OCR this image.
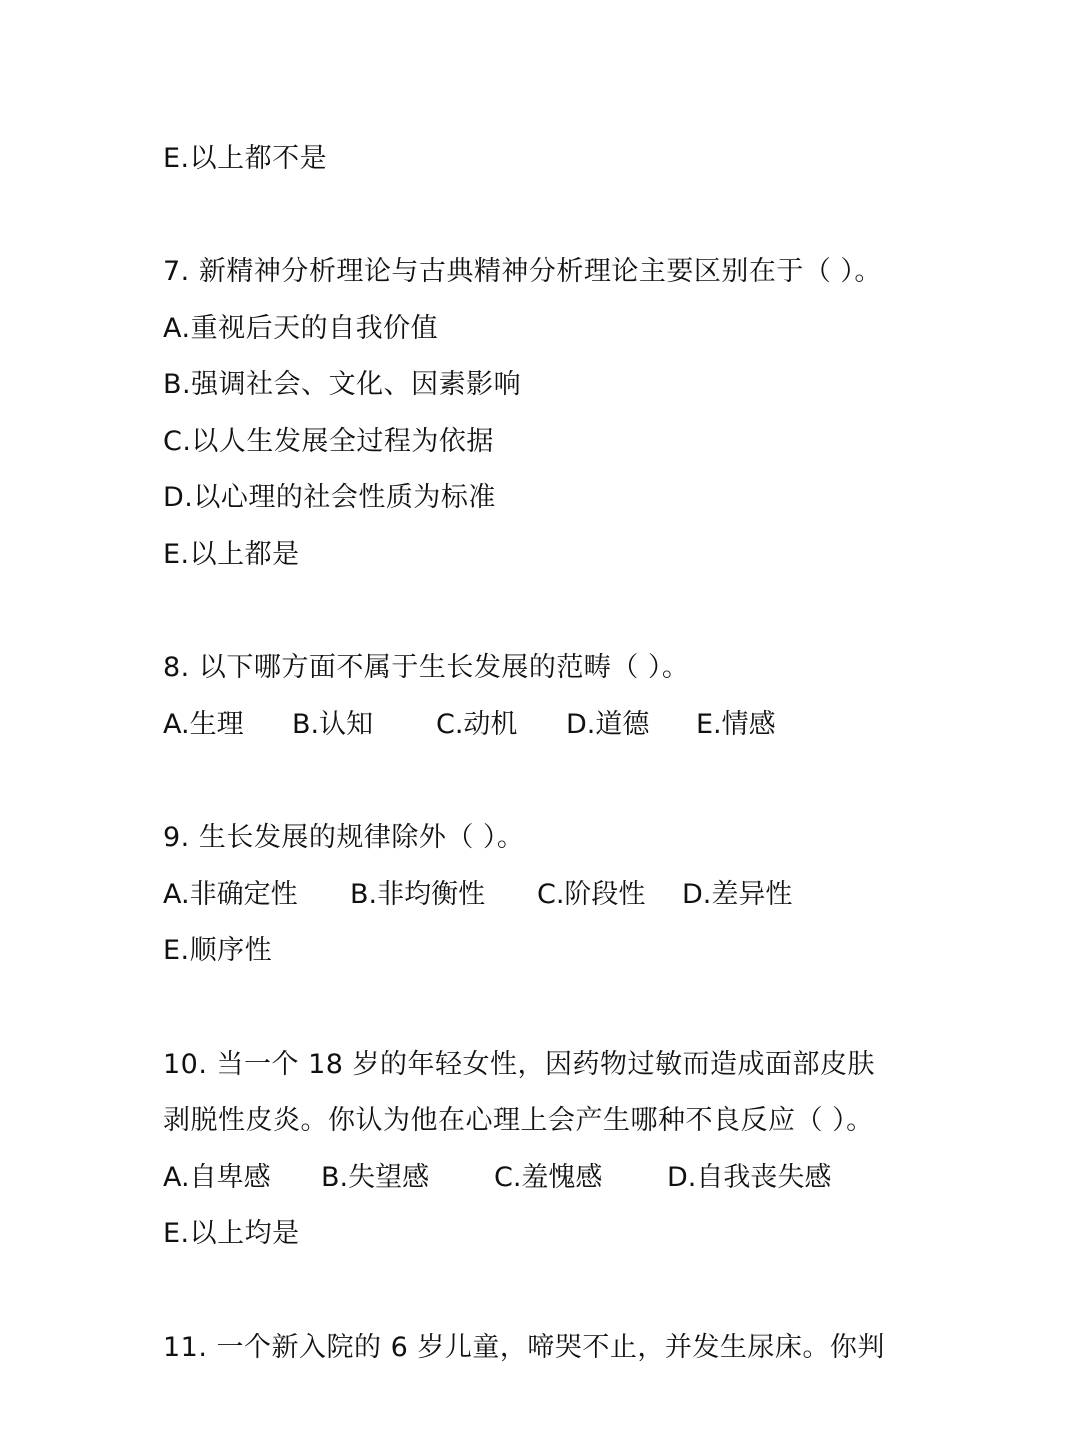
E.以上都不是
7. 新精神分析理论与古典精神分析理论主要区别在于（ ）。
A.重视后天的自我价值
B.强调社会、文化、因素影响
C.以人生发展全过程为依据
D.以心理的社会性质为标准
E.以上都是
8. 以下哪方面不属于生长发展的范畴（ ）。
A.生理 B.认知 C.动机 D.道德 E.情感
9. 生长发展的规律除外（ ）。
A.非确定性 B.非均衡性 C.阶段性 D.差异性
E.顺序性
10. 当一个 18 岁的年轻女性，因药物过敏而造成面部皮肤
剥脱性皮炎。你认为他在心理上会产生哪种不良反应（ ）。
A.自卑感 B.失望感 C.羞愧感 D.自我丧失感
E.以上均是
11. 一个新入院的 6 岁儿童，啼哭不止，并发生尿床。你判
